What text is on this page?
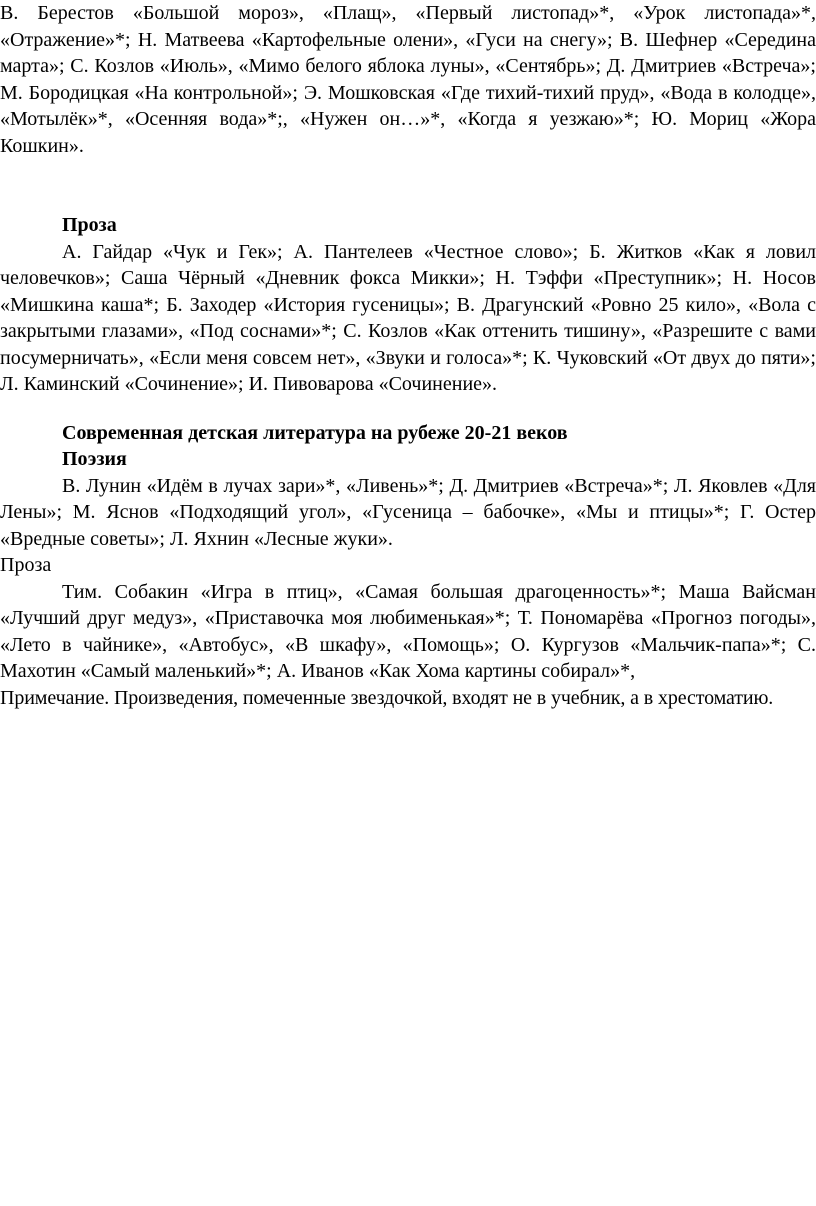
В. Берестов «Большой мороз», «Плащ», «Первый листопад»*, «Урок листопада»*, «Отражение»*; Н. Матвеева «Картофельные олени», «Гуси на снегу»; В. Шефнер «Середина марта»; С. Козлов «Июль», «Мимо белого яблока луны», «Сентябрь»; Д. Дмитриев «Встреча»; М. Бородицкая «На контрольной»; Э. Мошковская «Где тихий-тихий пруд», «Вода в колодце», «Мотылёк»*, «Осенняя вода»*;, «Нужен он…»*, «Когда я уезжаю»*; Ю. Мориц «Жора Кошкин».

Проза

А. Гайдар «Чук и Гек»; А. Пантелеев «Честное слово»; Б. Житков «Как я ловил человечков»; Саша Чёрный «Дневник фокса Микки»; Н. Тэффи «Преступник»; Н. Носов «Мишкина каша*; Б. Заходер «История гусеницы»; В. Драгунский «Ровно 25 кило», «Вола с закрытыми глазами», «Под соснами»*; С. Козлов «Как оттенить тишину», «Разрешите с вами посумерничать», «Если меня совсем нет», «Звуки и голоса»*; К. Чуковский «От двух до пяти»; Л. Каминский «Сочинение»; И. Пивоварова «Сочинение».

Современная детская литература на рубеже 20-21 веков

Поэзия

В. Лунин «Идём в лучах зари»*, «Ливень»*; Д. Дмитриев «Встреча»*; Л. Яковлев «Для Лены»; М. Яснов «Подходящий угол», «Гусеница – бабочке», «Мы и птицы»*; Г. Остер «Вредные советы»; Л. Яхнин «Лесные жуки».

Проза

Тим. Собакин «Игра в птиц», «Самая большая драгоценность»*; Маша Вайсман «Лучший друг медуз», «Приставочка моя любименькая»*; Т. Пономарёва «Прогноз погоды», «Лето в чайнике», «Автобус», «В шкафу», «Помощь»; О. Кургузов «Мальчик-папа»*; С. Махотин «Самый маленький»*; А. Иванов «Как Хома картины собирал»*,

Примечание. Произведения, помеченные звездочкой, входят не в учебник, а в хрестоматию.
